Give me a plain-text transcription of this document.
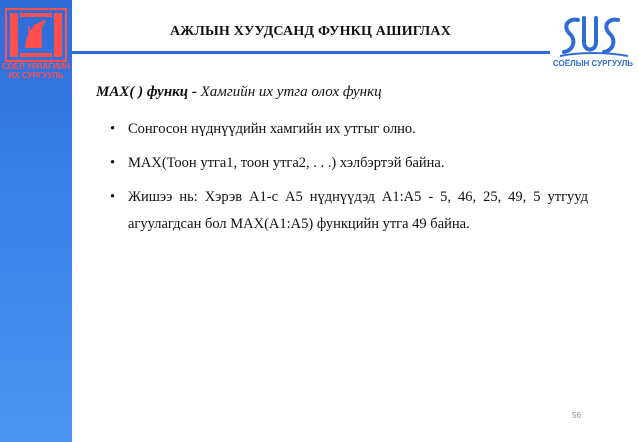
СОЁЛ УРЛАГИЙН
ИХ СУРГУУЛЬ
АЖЛЫН ХУУДСАНД ФУНКЦ АШИГЛАХ
СОЁЛЫН СУРГУУЛЬ
MAX( ) функц - Хамгийн их утга олох функц
• Сонгосон нүднүүдийн хамгийн их утгыг олно.
• MAX(Тоон утга1, тоон утга2, . . .) хэлбэртэй байна.
• Жишээ нь: Хэрэв A1-с A5 нүднүүдэд A1:A5 - 5, 46, 25, 49, 5 утгууд агуулагдсан бол MAX(A1:A5) функцийн утга 49 байна.
56
